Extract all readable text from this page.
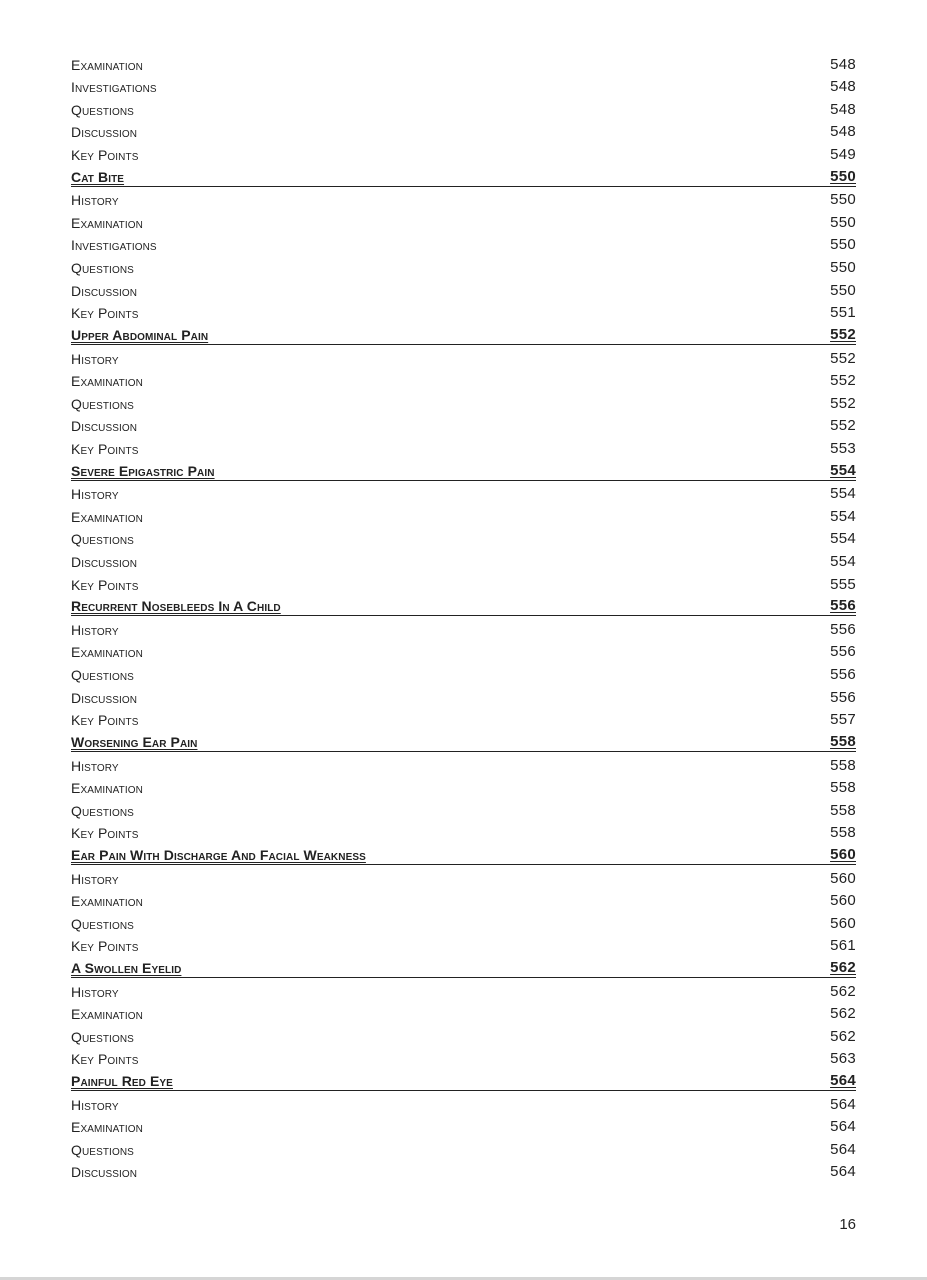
Examination	548
Investigations	548
Questions	548
Discussion	548
Key Points	549
Cat Bite	550
History	550
Examination	550
Investigations	550
Questions	550
Discussion	550
Key Points	551
Upper Abdominal Pain	552
History	552
Examination	552
Questions	552
Discussion	552
Key Points	553
Severe Epigastric Pain	554
History	554
Examination	554
Questions	554
Discussion	554
Key Points	555
Recurrent Nosebleeds In A Child	556
History	556
Examination	556
Questions	556
Discussion	556
Key Points	557
Worsening Ear Pain	558
History	558
Examination	558
Questions	558
Key Points	558
Ear Pain With Discharge And Facial Weakness	560
History	560
Examination	560
Questions	560
Key Points	561
A Swollen Eyelid	562
History	562
Examination	562
Questions	562
Key Points	563
Painful Red Eye	564
History	564
Examination	564
Questions	564
Discussion	564
16
